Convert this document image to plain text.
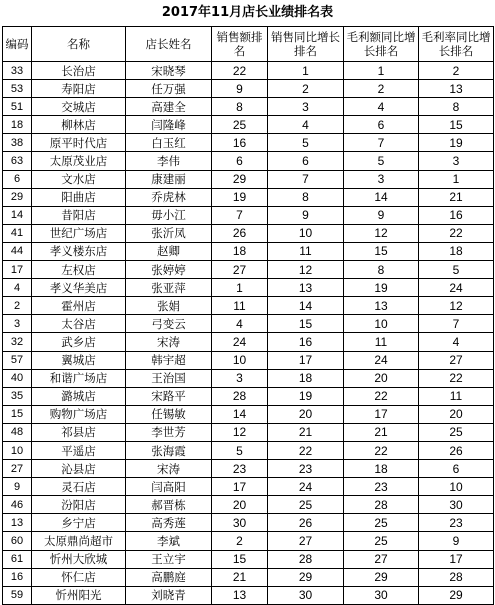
2017年11月店长业绩排名表
编码	名称	店长姓名	销售额排名	销售同比增长排名	毛利额同比增长排名	毛利率同比增长排名
33	长治店	宋晓琴	22	1	1	2
53	寿阳店	任万强	9	2	2	13
51	交城店	高建全	8	3	4	8
18	柳林店	闫隆峰	25	4	6	15
38	原平时代店	白玉红	16	5	7	19
63	太原茂业店	李伟	6	6	5	3
6	文水店	康建丽	29	7	3	1
29	阳曲店	乔虎林	19	8	14	21
14	昔阳店	毋小江	7	9	9	16
41	世纪广场店	张沂凤	26	10	12	22
44	孝义楼东店	赵卿	18	11	15	18
17	左权店	张婷婷	27	12	8	5
4	孝义华美店	张亚萍	1	13	19	24
2	霍州店	张娟	11	14	13	12
3	太谷店	弓变云	4	15	10	7
32	武乡店	宋涛	24	16	11	4
57	翼城店	韩宇超	10	17	24	27
40	和谐广场店	王治国	3	18	20	22
35	潞城店	宋路平	28	19	22	11
15	购物广场店	任锡敏	14	20	17	20
48	祁县店	李世芳	12	21	21	25
10	平遥店	张海霞	5	22	22	26
27	沁县店	宋涛	23	23	18	6
9	灵石店	闫高阳	17	24	23	10
46	汾阳店	郝晋栋	20	25	28	30
13	乡宁店	高秀莲	30	26	25	23
60	太原鼎尚超市	李斌	2	27	25	9
61	忻州大欣城	王立宇	15	28	27	17
16	怀仁店	高鹏庭	21	29	29	28
59	忻州阳光	刘晓青	13	30	30	29
